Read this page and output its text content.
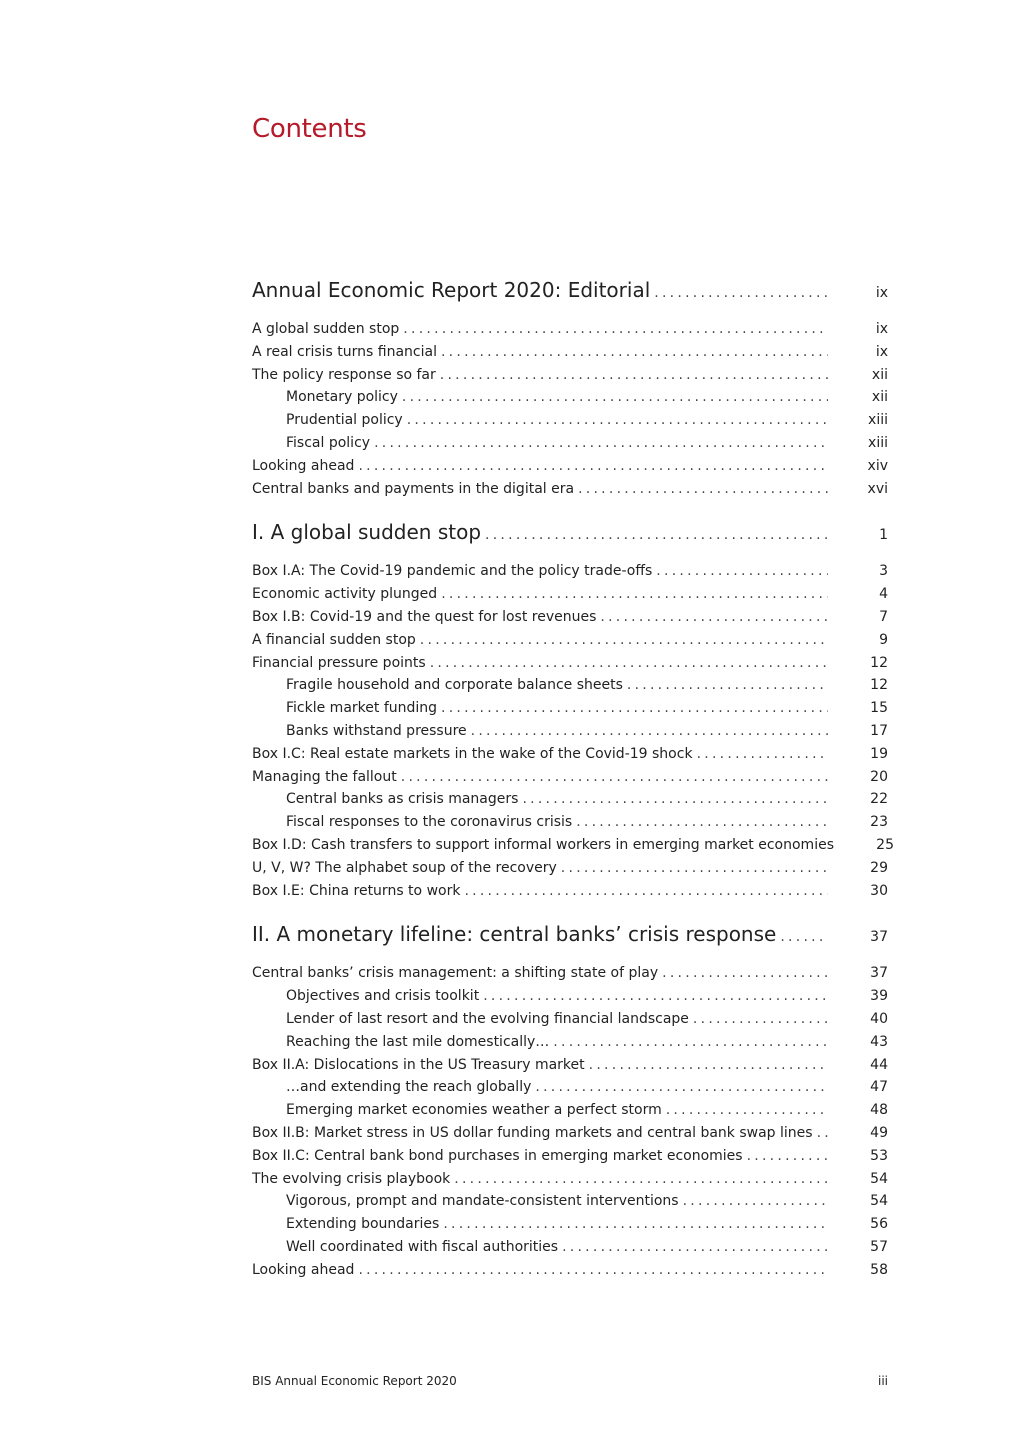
Contents
Annual Economic Report 2020: Editorial . . .	ix
A global sudden stop . . .	ix
A real crisis turns financial . . .	ix
The policy response so far . . .	xii
Monetary policy . . .	xii
Prudential policy . . .	xiii
Fiscal policy . . .	xiii
Looking ahead . . .	xiv
Central banks and payments in the digital era . . .	xvi
I. A global sudden stop . . .	1
Box I.A: The Covid-19 pandemic and the policy trade-offs . . .	3
Economic activity plunged . . .	4
Box I.B: Covid-19 and the quest for lost revenues . . .	7
A financial sudden stop . . .	9
Financial pressure points . . .	12
Fragile household and corporate balance sheets . . .	12
Fickle market funding . . .	15
Banks withstand pressure . . .	17
Box I.C: Real estate markets in the wake of the Covid-19 shock . . .	19
Managing the fallout . . .	20
Central banks as crisis managers . . .	22
Fiscal responses to the coronavirus crisis . . .	23
Box I.D: Cash transfers to support informal workers in emerging market economies	25
U, V, W? The alphabet soup of the recovery . . .	29
Box I.E: China returns to work . . .	30
II. A monetary lifeline: central banks’ crisis response . . .	37
Central banks’ crisis management: a shifting state of play . . .	37
Objectives and crisis toolkit . . .	39
Lender of last resort and the evolving financial landscape . . .	40
Reaching the last mile domestically… . . .	43
Box II.A: Dislocations in the US Treasury market . . .	44
…and extending the reach globally . . .	47
Emerging market economies weather a perfect storm . . .	48
Box II.B: Market stress in US dollar funding markets and central bank swap lines . . .	49
Box II.C: Central bank bond purchases in emerging market economies . . .	53
The evolving crisis playbook . . .	54
Vigorous, prompt and mandate-consistent interventions . . .	54
Extending boundaries . . .	56
Well coordinated with fiscal authorities . . .	57
Looking ahead . . .	58
BIS Annual Economic Report 2020	iii
